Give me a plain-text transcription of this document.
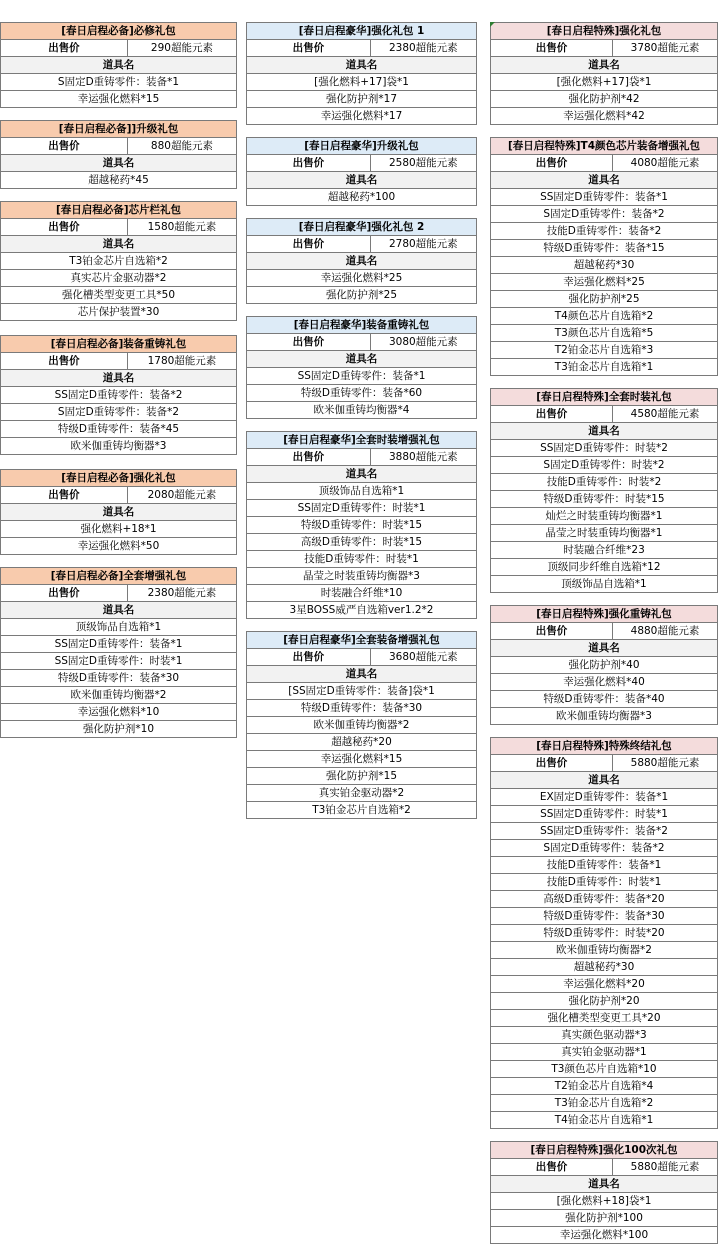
[春日启程必备]必修礼包
出售价	290超能元素
道具名
S固定D重铸零件：装备*1
幸运强化燃料*15
[春日启程必备]]升级礼包
出售价	880超能元素
道具名
超越秘药*45
[春日启程必备]芯片栏礼包
出售价	1580超能元素
道具名
T3铂金芯片自选箱*2
真实芯片金驱动器*2
强化槽类型变更工具*50
芯片保护装置*30
[春日启程必备]装备重铸礼包
出售价	1780超能元素
道具名
SS固定D重铸零件：装备*2
S固定D重铸零件：装备*2
特级D重铸零件：装备*45
欧米伽重铸均衡器*3
[春日启程必备]强化礼包
出售价	2080超能元素
道具名
强化燃料+18*1
幸运强化燃料*50
[春日启程必备]全套增强礼包
出售价	2380超能元素
道具名
顶级饰品自选箱*1
SS固定D重铸零件：装备*1
SS固定D重铸零件：时装*1
特级D重铸零件：装备*30
欧米伽重铸均衡器*2
幸运强化燃料*10
强化防护剂*10
[春日启程豪华]强化礼包 1
出售价	2380超能元素
道具名
[强化燃料+17]袋*1
强化防护剂*17
幸运强化燃料*17
[春日启程豪华]升级礼包
出售价	2580超能元素
道具名
超越秘药*100
[春日启程豪华]强化礼包 2
出售价	2780超能元素
道具名
幸运强化燃料*25
强化防护剂*25
[春日启程豪华]装备重铸礼包
出售价	3080超能元素
道具名
SS固定D重铸零件：装备*1
特级D重铸零件：装备*60
欧米伽重铸均衡器*4
[春日启程豪华]全套时装增强礼包
出售价	3880超能元素
道具名
顶级饰品自选箱*1
SS固定D重铸零件：时装*1
特级D重铸零件：时装*15
高级D重铸零件：时装*15
技能D重铸零件：时装*1
晶莹之时装重铸均衡器*3
时装融合纤维*10
3星BOSS威严自选箱ver1.2*2
[春日启程豪华]全套装备增强礼包
出售价	3680超能元素
道具名
[SS固定D重铸零件：装备]袋*1
特级D重铸零件：装备*30
欧米伽重铸均衡器*2
超越秘药*20
幸运强化燃料*15
强化防护剂*15
真实铂金驱动器*2
T3铂金芯片自选箱*2
[春日启程特殊]强化礼包
出售价	3780超能元素
道具名
[强化燃料+17]袋*1
强化防护剂*42
幸运强化燃料*42
[春日启程特殊]T4颜色芯片装备增强礼包
出售价	4080超能元素
道具名
SS固定D重铸零件：装备*1
S固定D重铸零件：装备*2
技能D重铸零件：装备*2
特级D重铸零件：装备*15
超越秘药*30
幸运强化燃料*25
强化防护剂*25
T4颜色芯片自选箱*2
T3颜色芯片自选箱*5
T2铂金芯片自选箱*3
T3铂金芯片自选箱*1
[春日启程特殊]全套时装礼包
出售价	4580超能元素
道具名
SS固定D重铸零件：时装*2
S固定D重铸零件：时装*2
技能D重铸零件：时装*2
特级D重铸零件：时装*15
灿烂之时装重铸均衡器*1
晶莹之时装重铸均衡器*1
时装融合纤维*23
顶级同步纤维自选箱*12
顶级饰品自选箱*1
[春日启程特殊]强化重铸礼包
出售价	4880超能元素
道具名
强化防护剂*40
幸运强化燃料*40
特级D重铸零件：装备*40
欧米伽重铸均衡器*3
[春日启程特殊]特殊终结礼包
出售价	5880超能元素
道具名
EX固定D重铸零件：装备*1
SS固定D重铸零件：时装*1
SS固定D重铸零件：装备*2
S固定D重铸零件：装备*2
技能D重铸零件：装备*1
技能D重铸零件：时装*1
高级D重铸零件：装备*20
特级D重铸零件：装备*30
特级D重铸零件：时装*20
欧米伽重铸均衡器*2
超越秘药*30
幸运强化燃料*20
强化防护剂*20
强化槽类型变更工具*20
真实颜色驱动器*3
真实铂金驱动器*1
T3颜色芯片自选箱*10
T2铂金芯片自选箱*4
T3铂金芯片自选箱*2
T4铂金芯片自选箱*1
[春日启程特殊]强化100次礼包
出售价	5880超能元素
道具名
[强化燃料+18]袋*1
强化防护剂*100
幸运强化燃料*100
